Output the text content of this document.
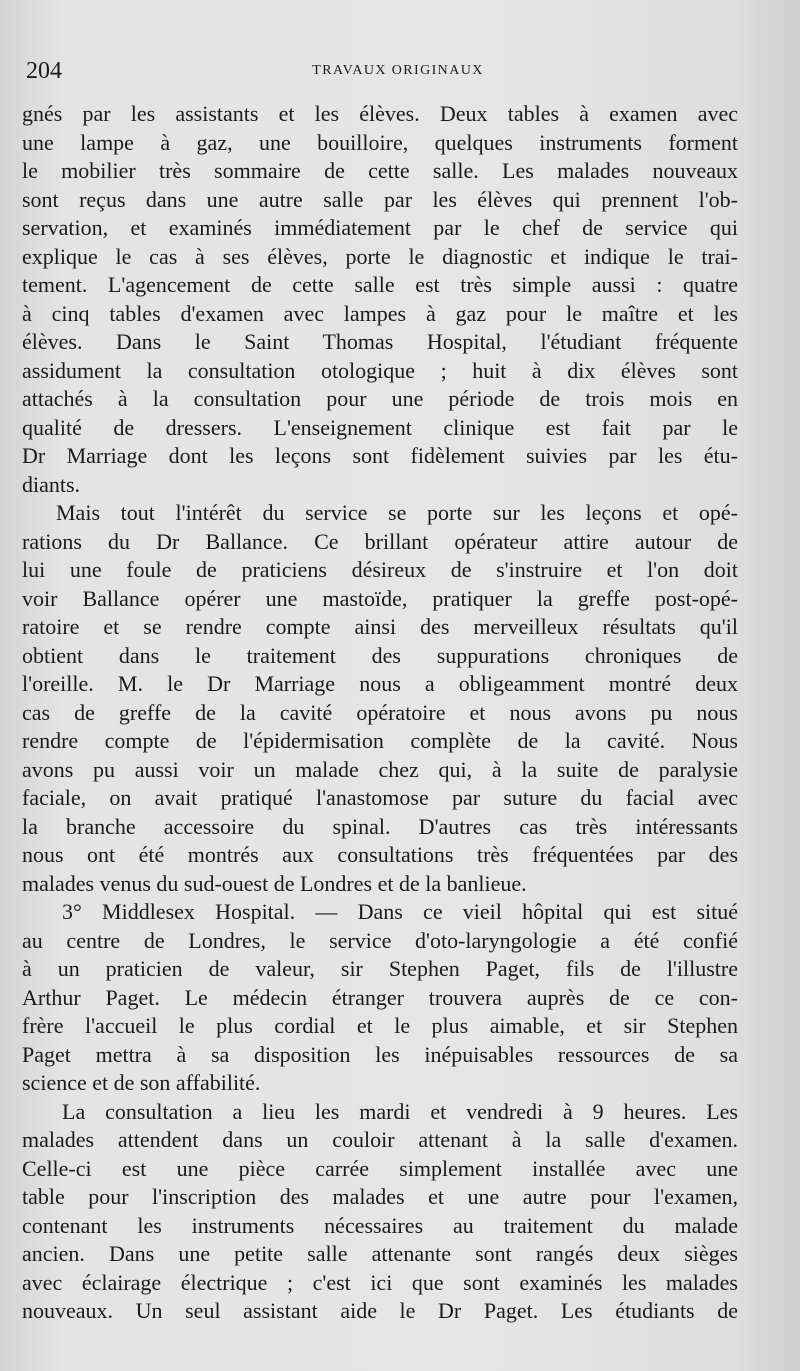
204	TRAVAUX ORIGINAUX
gnés par les assistants et les élèves. Deux tables à examen avec
une lampe à gaz, une bouilloire, quelques instruments forment
le mobilier très sommaire de cette salle. Les malades nouveaux
sont reçus dans une autre salle par les élèves qui prennent l'ob-
servation, et examinés immédiatement par le chef de service qui
explique le cas à ses élèves, porte le diagnostic et indique le trai-
tement. L'agencement de cette salle est très simple aussi : quatre
à cinq tables d'examen avec lampes à gaz pour le maître et les
élèves. Dans le Saint Thomas Hospital, l'étudiant fréquente
assidument la consultation otologique ; huit à dix élèves sont
attachés à la consultation pour une période de trois mois en
qualité de dressers. L'enseignement clinique est fait par le
Dr Marriage dont les leçons sont fidèlement suivies par les étu-
diants.
Mais tout l'intérêt du service se porte sur les leçons et opé-
rations du Dr Ballance. Ce brillant opérateur attire autour de
lui une foule de praticiens désireux de s'instruire et l'on doit
voir Ballance opérer une mastoïde, pratiquer la greffe post-opé-
ratoire et se rendre compte ainsi des merveilleux résultats qu'il
obtient dans le traitement des suppurations chroniques de
l'oreille. M. le Dr Marriage nous a obligeamment montré deux
cas de greffe de la cavité opératoire et nous avons pu nous
rendre compte de l'épidermisation complète de la cavité. Nous
avons pu aussi voir un malade chez qui, à la suite de paralysie
faciale, on avait pratiqué l'anastomose par suture du facial avec
la branche accessoire du spinal. D'autres cas très intéressants
nous ont été montrés aux consultations très fréquentées par des
malades venus du sud-ouest de Londres et de la banlieue.
3° Middlesex Hospital. — Dans ce vieil hôpital qui est situé
au centre de Londres, le service d'oto-laryngologie a été confié
à un praticien de valeur, sir Stephen Paget, fils de l'illustre
Arthur Paget. Le médecin étranger trouvera auprès de ce con-
frère l'accueil le plus cordial et le plus aimable, et sir Stephen
Paget mettra à sa disposition les inépuisables ressources de sa
science et de son affabilité.
La consultation a lieu les mardi et vendredi à 9 heures. Les
malades attendent dans un couloir attenant à la salle d'examen.
Celle-ci est une pièce carrée simplement installée avec une
table pour l'inscription des malades et une autre pour l'examen,
contenant les instruments nécessaires au traitement du malade
ancien. Dans une petite salle attenante sont rangés deux sièges
avec éclairage électrique ; c'est ici que sont examinés les malades
nouveaux. Un seul assistant aide le Dr Paget. Les étudiants de
